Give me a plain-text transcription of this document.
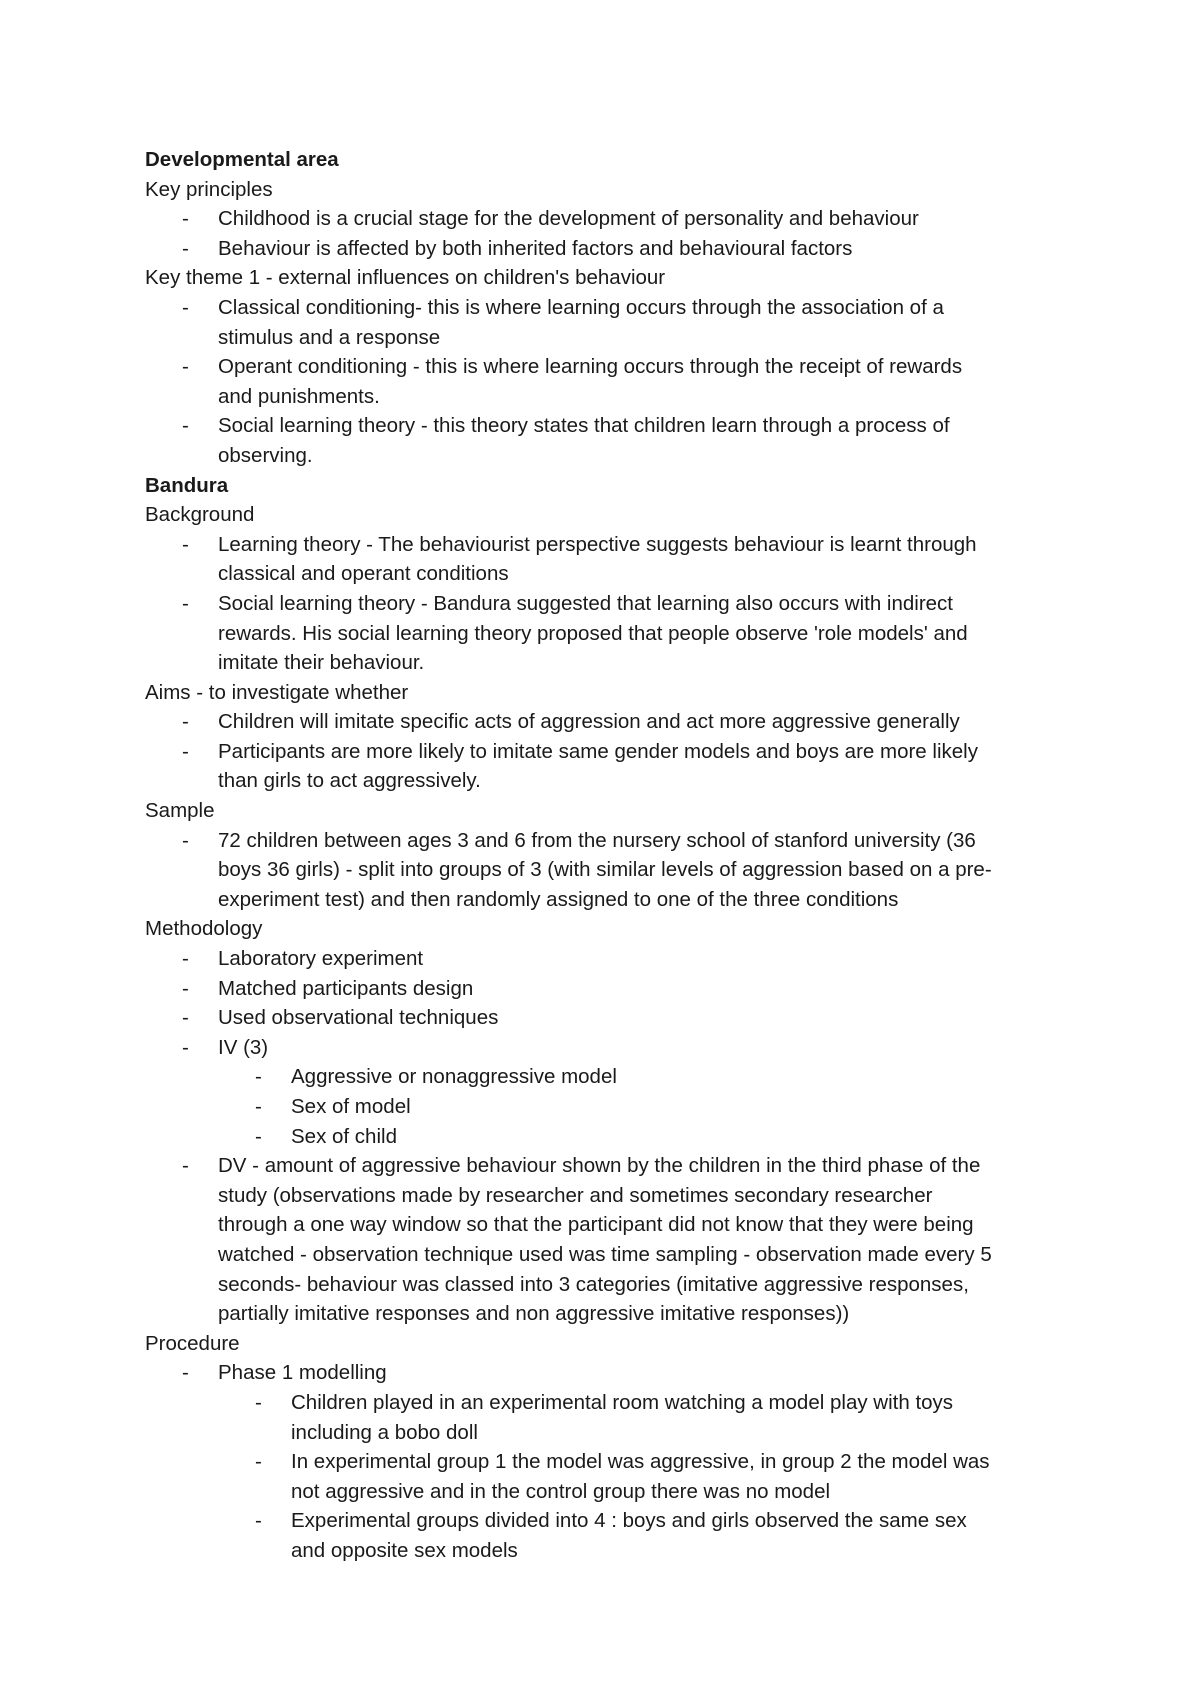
Developmental area

Key principles

- Childhood is a crucial stage for the development of personality and behaviour
- Behaviour is affected by both inherited factors and behavioural factors

Key theme 1 - external influences on children's behaviour

- Classical conditioning- this is where learning occurs through the association of a
stimulus and a response
- Operant conditioning - this is where learning occurs through the receipt of rewards
and punishments.
- Social learning theory - this theory states that children learn through a process of
observing.

Bandura

Background

- Learning theory - The behaviourist perspective suggests behaviour is learnt through
classical and operant conditions
- Social learning theory - Bandura suggested that learning also occurs with indirect
rewards. His social learning theory proposed that people observe 'role models' and
imitate their behaviour.

Aims - to investigate whether

- Children will imitate specific acts of aggression and act more aggressive generally
- Participants are more likely to imitate same gender models and boys are more likely
than girls to act aggressively.

Sample

- 72 children between ages 3 and 6 from the nursery school of stanford university (36
boys 36 girls) - split into groups of 3 (with similar levels of aggression based on a pre-
experiment test) and then randomly assigned to one of the three conditions

Methodology

- Laboratory experiment
- Matched participants design
- Used observational techniques
- IV (3)
- Aggressive or nonaggressive model
- Sex of model
- Sex of child
- DV - amount of aggressive behaviour shown by the children in the third phase of the
study (observations made by researcher and sometimes secondary researcher
through a one way window so that the participant did not know that they were being
watched - observation technique used was time sampling - observation made every 5
seconds- behaviour was classed into 3 categories (imitative aggressive responses,
partially imitative responses and non aggressive imitative responses))

Procedure

- Phase 1 modelling
- Children played in an experimental room watching a model play with toys
including a bobo doll
- In experimental group 1 the model was aggressive, in group 2 the model was
not aggressive and in the control group there was no model
- Experimental groups divided into 4 : boys and girls observed the same sex
and opposite sex models
